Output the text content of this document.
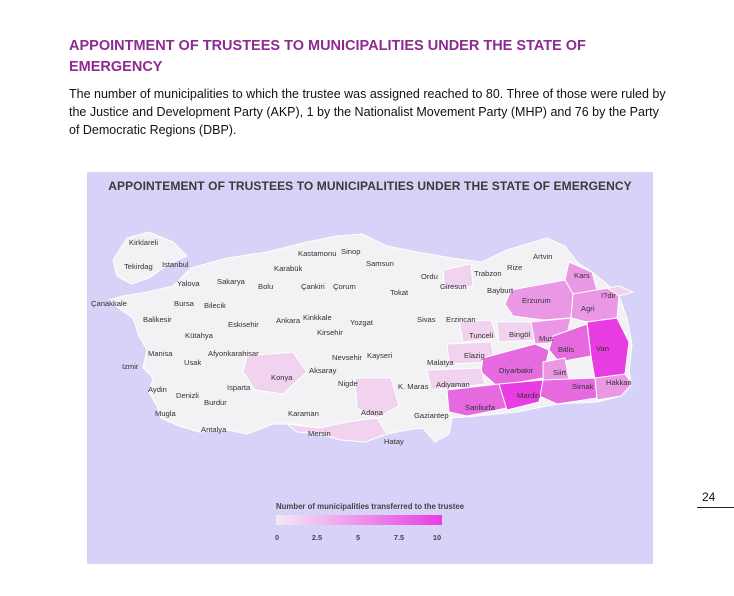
APPOINTMENT OF TRUSTEES TO MUNICIPALITIES UNDER THE STATE OF EMERGENCY
The number of municipalities to which the trustee was assigned reached to 80. Three of those were ruled by the Justice and Development Party (AKP), 1 by the Nationalist Movement Party (MHP) and 76 by the Party of Democratic Regions (DBP).
APPOINTEMENT OF TRUSTEES TO MUNICIPALITIES UNDER THE STATE OF EMERGENCY
Kirklareli
Tekirdag Istanbul
Yalova Sakarya
Bolu
Karabük
Kastamonu Sinop
Samsun
Çankiri Çorum
Tokat
Ordu
Giresun
Trabzon
Rize
Artvin
Kars
Bayburt
Erzurum
Agri
I?dir
Çanakkale	Bursa Bilecik
Balikesir
Eskisehir
Kütahya
Ankara Kinkkale
Kirsehir
Yozgat	Sivas Erzincan
Tunceli Bingöl Mus
Bitlis	Van
Manisa
Usak
Afyonkarahisar
Izmir
Nevsehir Kayseri
Malatya
Elazig
Aksaray
Konya
Aydin
Denizli
Isparta
Burdur
Nigde	K. Maras Adiyaman
Diyarbakir	Siirt
Sirnak Hakkari
Mugla	Karaman	Adana	Gaziantep
Sanliurfa
Mardin
Antalya	Mersin
Hatay
Number of municipalities transferred to the trustee
0	2.5	5	7.5	10
24
